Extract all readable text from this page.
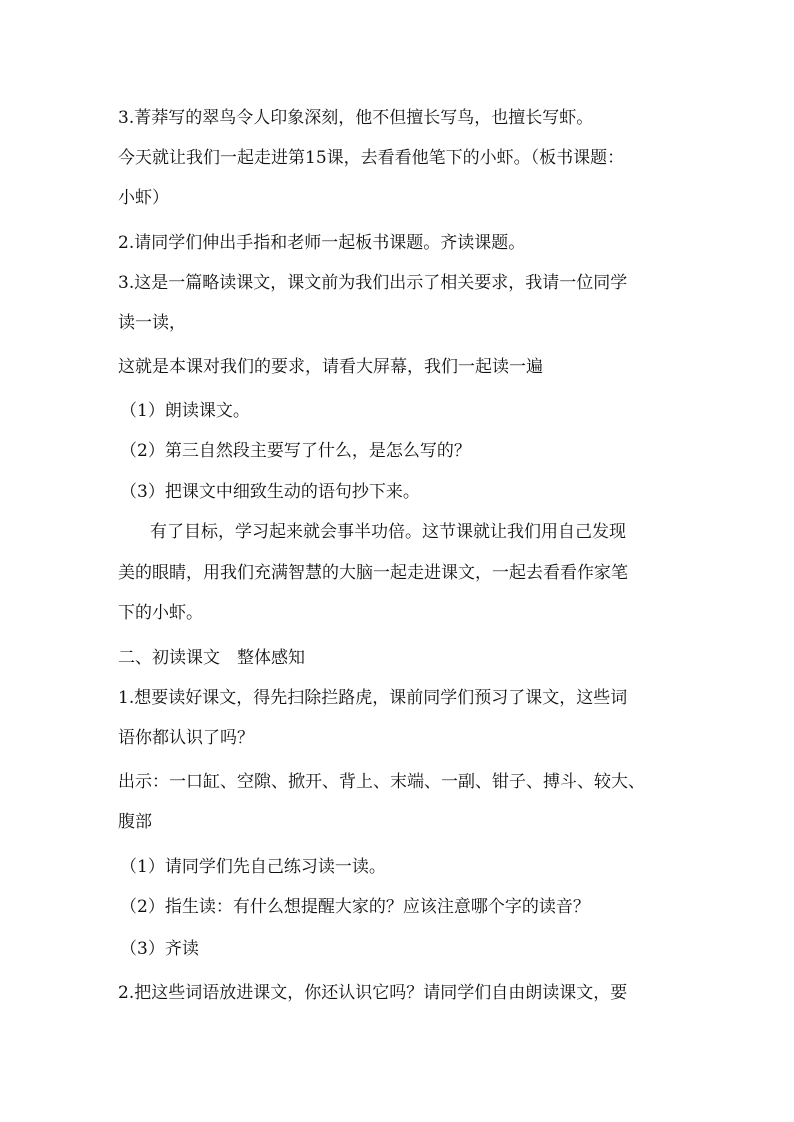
3.菁莽写的翠鸟令人印象深刻，他不但擅长写鸟，也擅长写虾。
今天就让我们一起走进第15课，去看看他笔下的小虾。（板书课题：
小虾）
2.请同学们伸出手指和老师一起板书课题。齐读课题。
3.这是一篇略读课文，课文前为我们出示了相关要求，我请一位同学
读一读，
这就是本课对我们的要求，请看大屏幕，我们一起读一遍
（1）朗读课文。
（2）第三自然段主要写了什么，是怎么写的？
（3）把课文中细致生动的语句抄下来。
有了目标，学习起来就会事半功倍。这节课就让我们用自己发现
美的眼睛，用我们充满智慧的大脑一起走进课文，一起去看看作家笔
下的小虾。
二、初读课文　整体感知
1.想要读好课文，得先扫除拦路虎，课前同学们预习了课文，这些词
语你都认识了吗？
出示：一口缸、空隙、掀开、背上、末端、一副、钳子、搏斗、较大、
腹部
（1）请同学们先自己练习读一读。
（2）指生读：有什么想提醒大家的？应该注意哪个字的读音？
（3）齐读
2.把这些词语放进课文，你还认识它吗？请同学们自由朗读课文，要
